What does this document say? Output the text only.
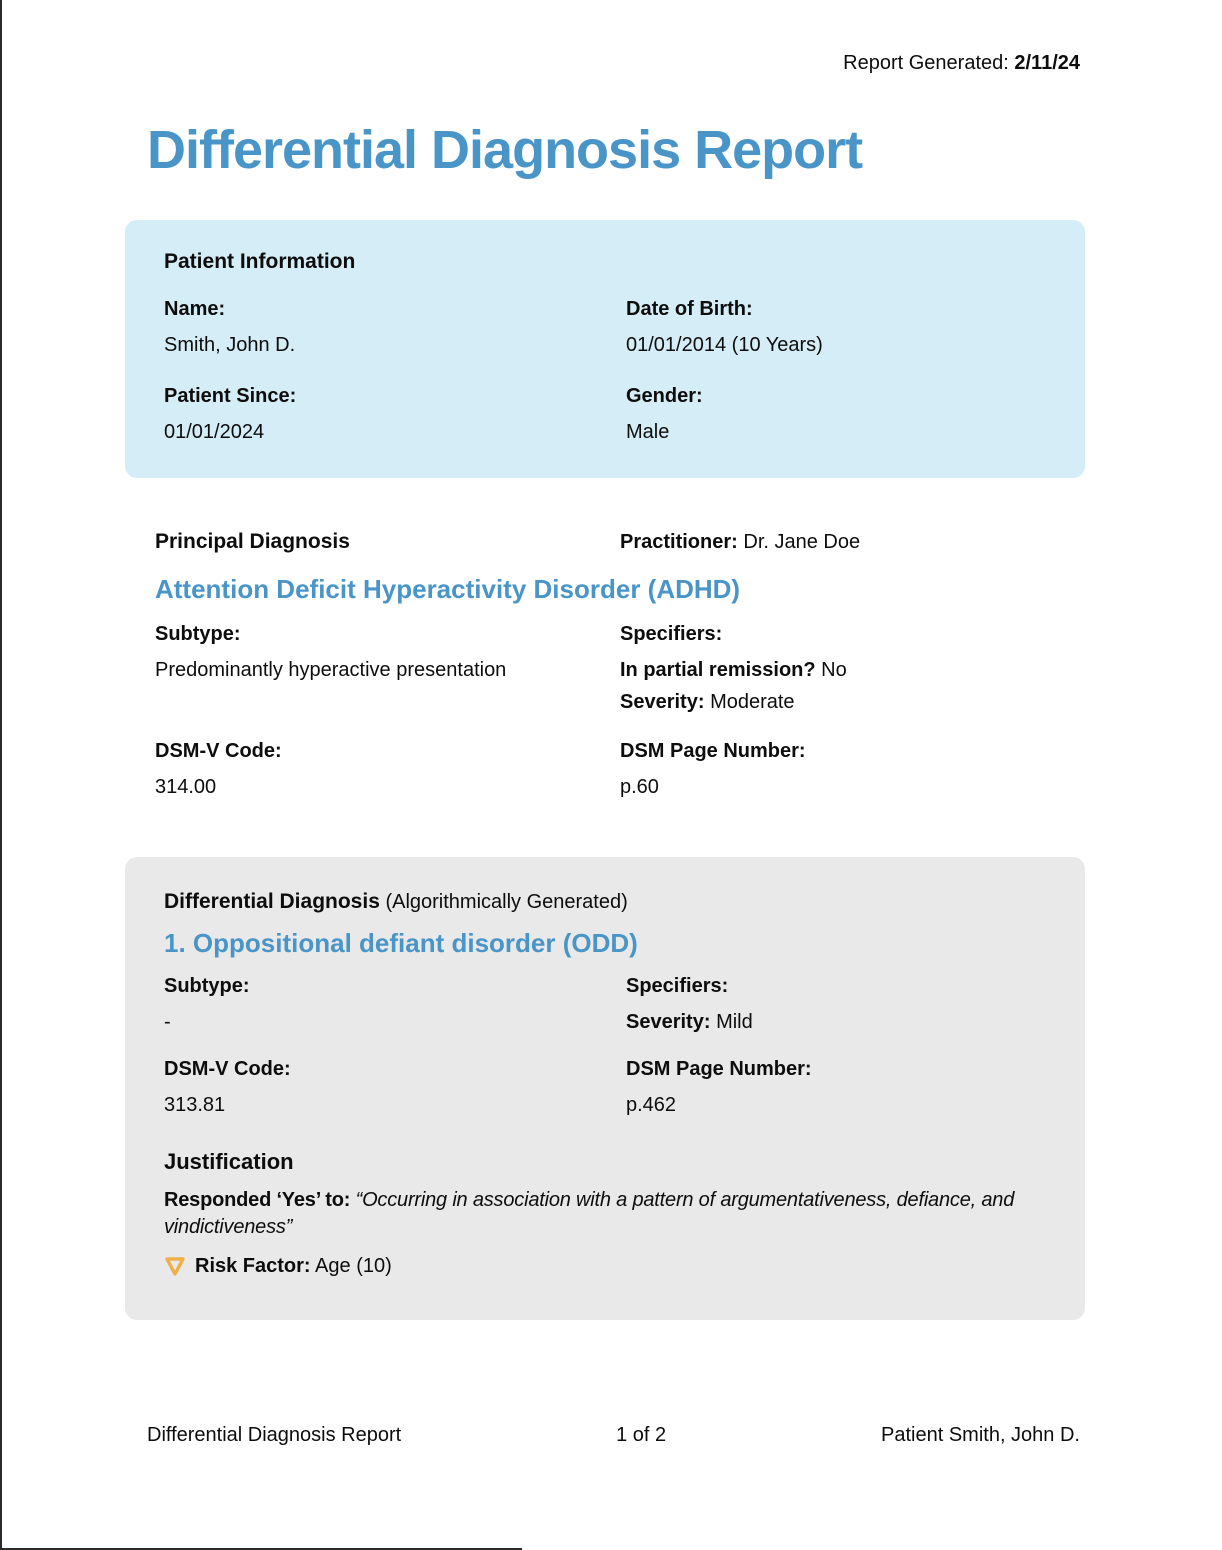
Report Generated: 2/11/24
Differential Diagnosis Report
Patient Information
Name:
Smith, John D.
Date of Birth:
01/01/2014 (10 Years)
Patient Since:
01/01/2024
Gender:
Male
Principal Diagnosis	Practitioner: Dr. Jane Doe
Attention Deficit Hyperactivity Disorder (ADHD)
Subtype:
Predominantly hyperactive presentation
Specifiers:
In partial remission? No
Severity: Moderate
DSM-V Code:
314.00
DSM Page Number:
p.60
Differential Diagnosis (Algorithmically Generated)
1. Oppositional defiant disorder (ODD)
Subtype:
-
Specifiers:
Severity: Mild
DSM-V Code:
313.81
DSM Page Number:
p.462
Justification

Responded ‘Yes’ to: “Occurring in association with a pattern of argumentativeness, defiance, and vindictiveness”

Risk Factor: Age (10)
Differential Diagnosis Report	1 of 2	Patient Smith, John D.
